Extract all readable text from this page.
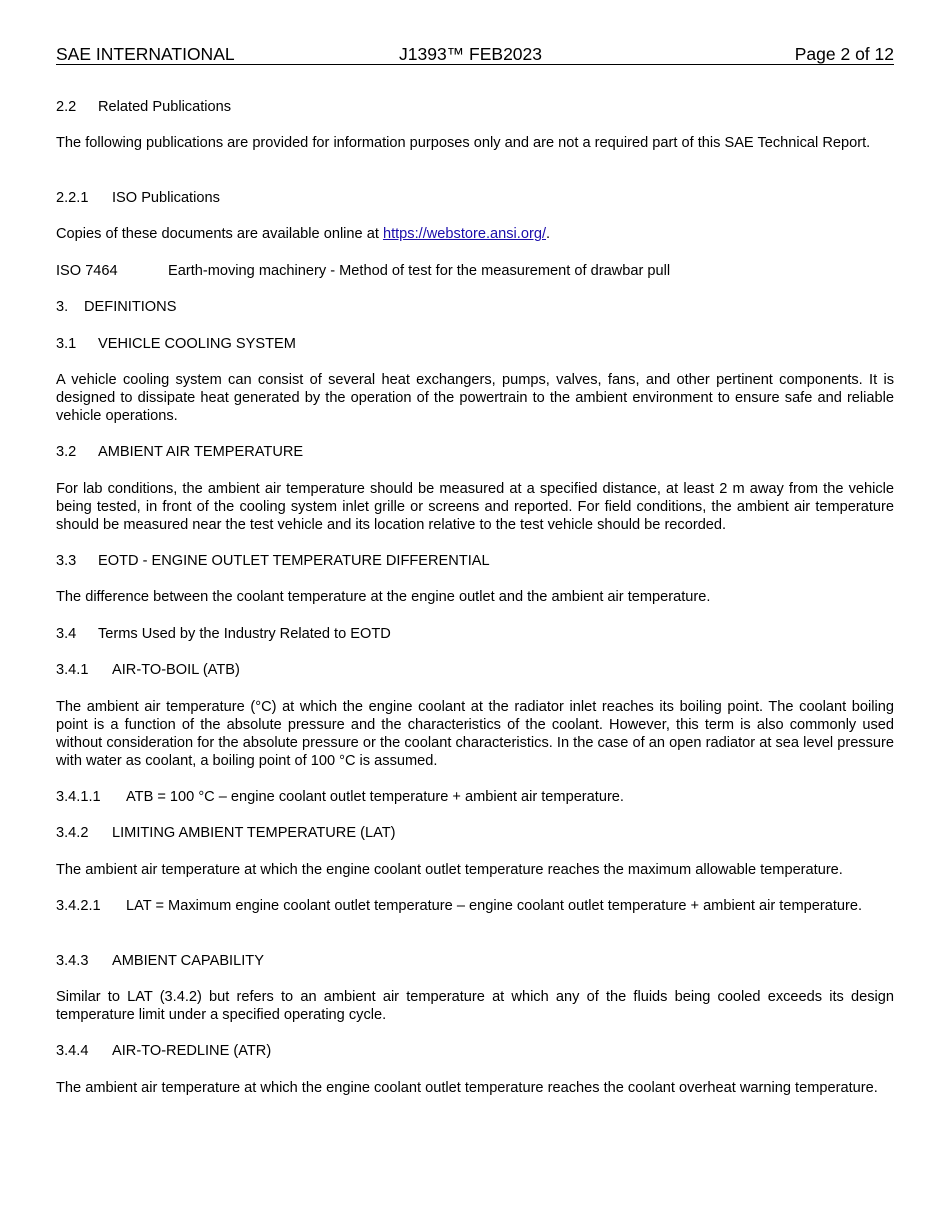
SAE INTERNATIONAL	J1393™ FEB2023	Page 2 of 12
2.2 Related Publications
The following publications are provided for information purposes only and are not a required part of this SAE Technical Report.
2.2.1 ISO Publications
Copies of these documents are available online at https://webstore.ansi.org/.
ISO 7464	Earth-moving machinery - Method of test for the measurement of drawbar pull
3. DEFINITIONS
3.1 VEHICLE COOLING SYSTEM
A vehicle cooling system can consist of several heat exchangers, pumps, valves, fans, and other pertinent components. It is designed to dissipate heat generated by the operation of the powertrain to the ambient environment to ensure safe and reliable vehicle operations.
3.2 AMBIENT AIR TEMPERATURE
For lab conditions, the ambient air temperature should be measured at a specified distance, at least 2 m away from the vehicle being tested, in front of the cooling system inlet grille or screens and reported. For field conditions, the ambient air temperature should be measured near the test vehicle and its location relative to the test vehicle should be recorded.
3.3 EOTD - ENGINE OUTLET TEMPERATURE DIFFERENTIAL
The difference between the coolant temperature at the engine outlet and the ambient air temperature.
3.4 Terms Used by the Industry Related to EOTD
3.4.1 AIR-TO-BOIL (ATB)
The ambient air temperature (°C) at which the engine coolant at the radiator inlet reaches its boiling point. The coolant boiling point is a function of the absolute pressure and the characteristics of the coolant. However, this term is also commonly used without consideration for the absolute pressure or the coolant characteristics. In the case of an open radiator at sea level pressure with water as coolant, a boiling point of 100 °C is assumed.
3.4.1.1	ATB = 100 °C – engine coolant outlet temperature + ambient air temperature.
3.4.2 LIMITING AMBIENT TEMPERATURE (LAT)
The ambient air temperature at which the engine coolant outlet temperature reaches the maximum allowable temperature.
3.4.2.1	LAT = Maximum engine coolant outlet temperature – engine coolant outlet temperature + ambient air temperature.
3.4.3 AMBIENT CAPABILITY
Similar to LAT (3.4.2) but refers to an ambient air temperature at which any of the fluids being cooled exceeds its design temperature limit under a specified operating cycle.
3.4.4 AIR-TO-REDLINE (ATR)
The ambient air temperature at which the engine coolant outlet temperature reaches the coolant overheat warning temperature.
